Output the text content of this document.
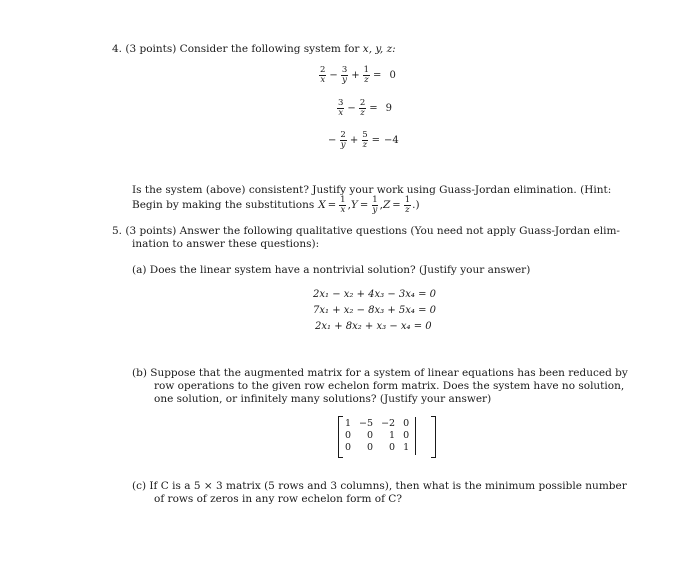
4. (3 points) Consider the following system for x, y, z:
$\frac{2}{x} - \frac{3}{y} + \frac{1}{z} = 0$
$\frac{3}{x} - \frac{2}{z} = 9$
− $\frac{2}{y} + \frac{5}{z} = -4$
Is the system (above) consistent? Justify your work using Guass-Jordan elimination. (Hint:
Begin by making the substitutions $X = \frac{1}{x}$ , $Y = \frac{1}{y}$ , $Z = \frac{1}{z}$ .)
5. (3 points) Answer the following qualitative questions (You need not apply Guass-Jordan elim-
ination to answer these questions):
(a) Does the linear system have a nontrivial solution? (Justify your answer)
2x₁ − x₂ + 4x₃ − 3x₄ = 0
7x₁ + x₂ − 8x₃ + 5x₄ = 0
2x₁ + 8x₂ + x₃ − x₄ = 0
(b) Suppose that the augmented matrix for a system of linear equations has been reduced by
row operations to the given row echelon form matrix. Does the system have no solution,
one solution, or infinitely many solutions? (Justify your answer)
1	−5	−2	0
0	0	1	0
0	0	0	1
(c) If C is a 5 × 3 matrix (5 rows and 3 columns), then what is the minimum possible number
of rows of zeros in any row echelon form of C?
